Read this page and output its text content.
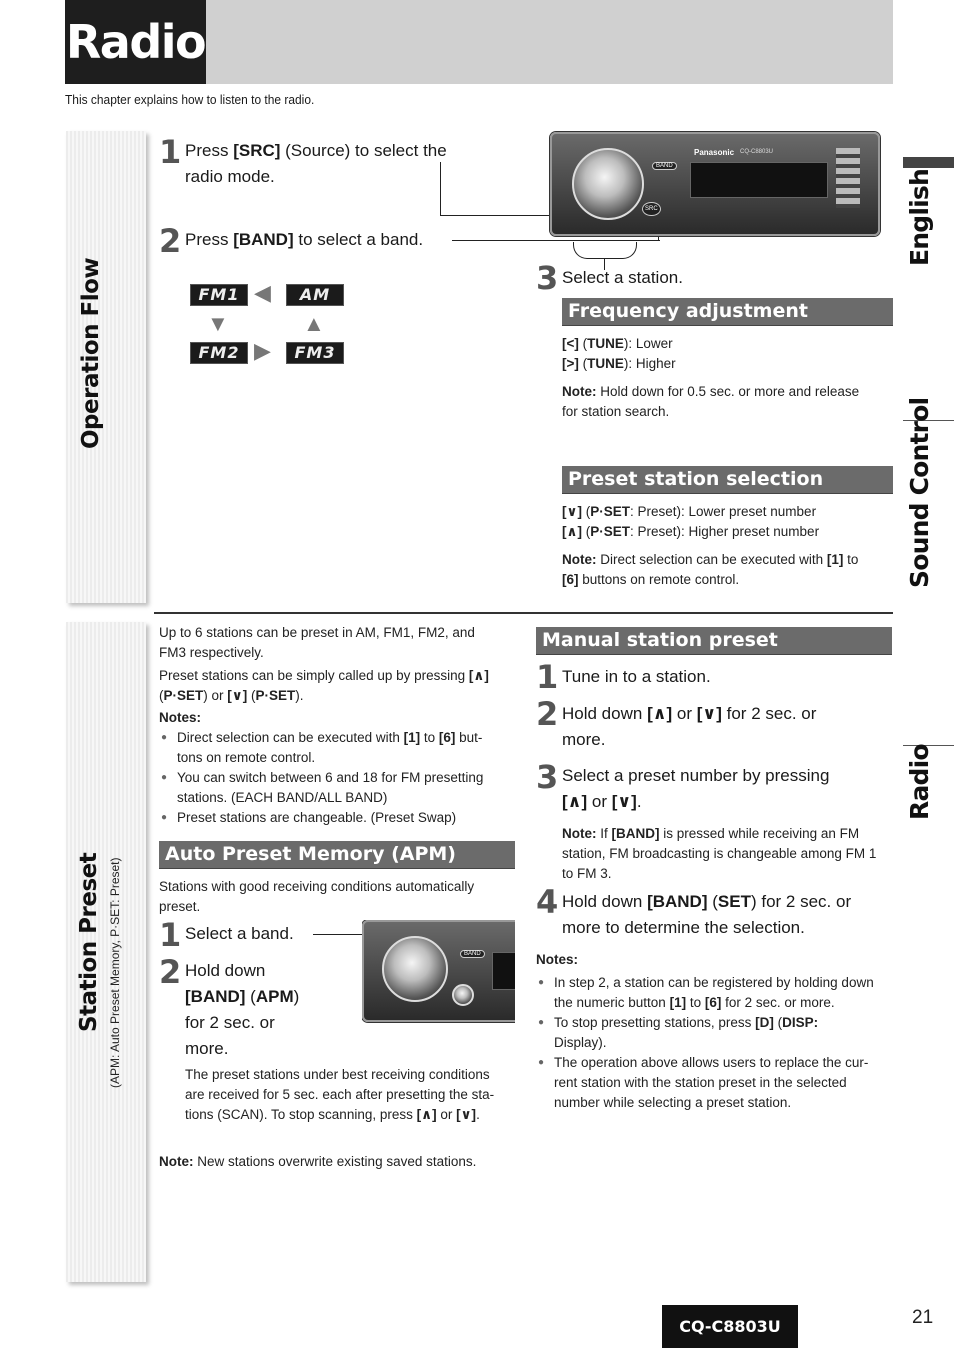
Radio
This chapter explains how to listen to the radio.
Operation Flow
Station Preset (APM: Auto Preset Memory, P·SET: Preset)
English
Sound Control
Radio
1 Press [SRC] (Source) to select the
radio mode.
2 Press [BAND] to select a band.
FM1 ◀	AM
▼	▲
FM2 ▶	FM3
BAND
SRC
Panasonic CQ-C8803U
3 Select a station.
Frequency adjustment
[<] (TUNE): Lower
[>] (TUNE): Higher
Note: Hold down for 0.5 sec. or more and release
for station search.
Preset station selection
[∨] (P·SET: Preset): Lower preset number
[∧] (P·SET: Preset): Higher preset number
Note: Direct selection can be executed with [1] to
[6] buttons on remote control.
Up to 6 stations can be preset in AM, FM1, FM2, and
FM3 respectively.
Preset stations can be simply called up by pressing [∧]
(P·SET) or [∨] (P·SET).
Notes:
● Direct selection can be executed with [1] to [6] but-
tons on remote control.
● You can switch between 6 and 18 for FM presetting
stations. (EACH BAND/ALL BAND)
● Preset stations are changeable. (Preset Swap)
Auto Preset Memory (APM)
Stations with good receiving conditions automatically
preset.
1 Select a band.
2 Hold down
[BAND] (APM)
for 2 sec. or
more.
BAND
The preset stations under best receiving conditions
are received for 5 sec. each after presetting the sta-
tions (SCAN). To stop scanning, press [∧] or [∨].
Note: New stations overwrite existing saved stations.
Manual station preset
1 Tune in to a station.
2 Hold down [∧] or [∨] for 2 sec. or
more.
3 Select a preset number by pressing
[∧] or [∨].
Note: If [BAND] is pressed while receiving an FM
station, FM broadcasting is changeable among FM 1
to FM 3.
4 Hold down [BAND] (SET) for 2 sec. or
more to determine the selection.
Notes:
● In step 2, a station can be registered by holding down
the numeric button [1] to [6] for 2 sec. or more.
● To stop presetting stations, press [D] (DISP:
Display).
● The operation above allows users to replace the cur-
rent station with the station preset in the selected
number while selecting a preset station.
CQ-C8803U	21
